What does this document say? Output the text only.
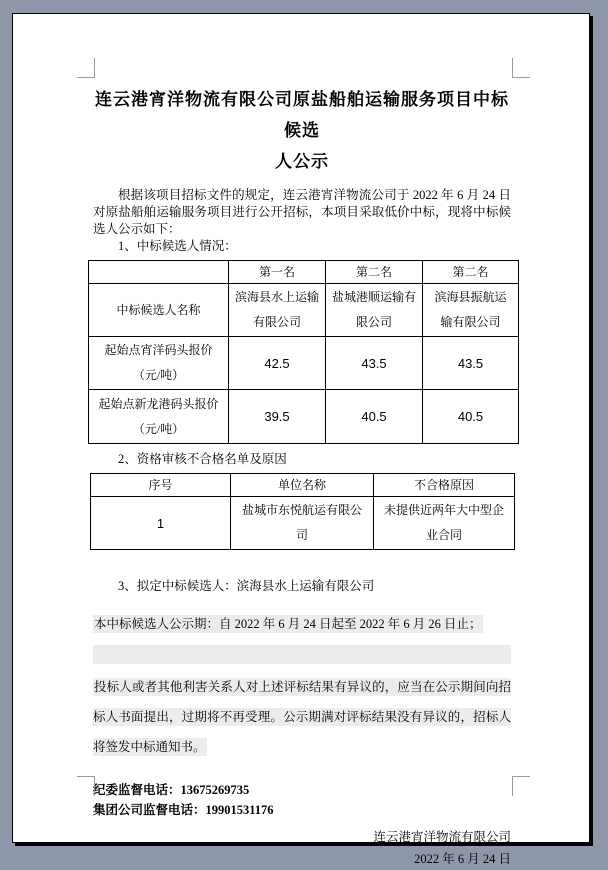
连云港宵洋物流有限公司原盐船舶运输服务项目中标候选
人公示

根据该项目招标文件的规定，连云港宵洋物流公司于 2022 年 6 月 24 日对原盐船舶运输服务项目进行公开招标，本项目采取低价中标，现将中标候选人公示如下：

1、中标候选人情况：

	第一名	第二名	第二名
中标候选人名称	滨海县水上运输有限公司	盐城港顺运输有限公司	滨海县振航运输有限公司
起始点宵洋码头报价（元/吨）	42.5	43.5	43.5
起始点新龙港码头报价（元/吨）	39.5	40.5	40.5

2、资格审核不合格名单及原因

序号	单位名称	不合格原因
1	盐城市东悦航运有限公司	未提供近两年大中型企业合同

3、拟定中标候选人：滨海县水上运输有限公司

本中标候选人公示期：自 2022 年 6 月 24 日起至 2022 年 6 月 26 日止；

投标人或者其他利害关系人对上述评标结果有异议的，应当在公示期间向招标人书面提出，过期将不再受理。公示期满对评标结果没有异议的，招标人将签发中标通知书。

纪委监督电话：13675269735
集团公司监督电话：19901531176
连云港宵洋物流有限公司
2022 年 6 月 24 日
